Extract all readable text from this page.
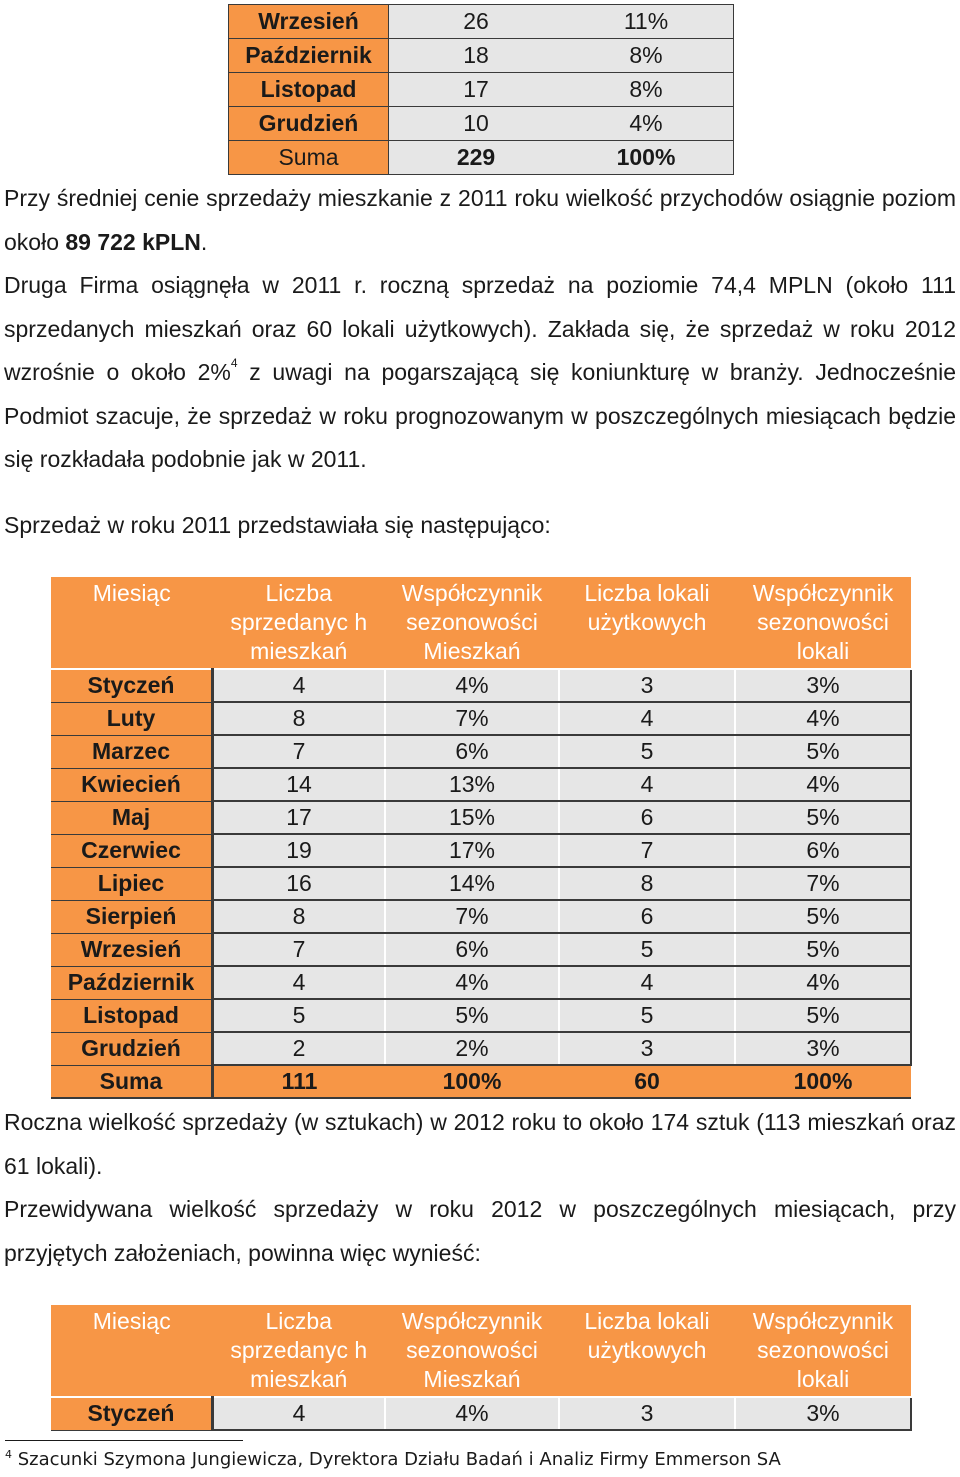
Wrzesień	26 11%
Październik	18 8%
Listopad	17 8%
Grudzień	10 4%
Suma	229 100%

Przy średniej cenie sprzedaży mieszkanie z 2011 roku wielkość przychodów osiągnie poziom około 89 722 kPLN.

Druga Firma osiągnęła w 2011 r. roczną sprzedaż na poziomie 74,4 MPLN (około 111 sprzedanych mieszkań oraz 60 lokali użytkowych). Zakłada się, że sprzedaż w roku 2012 wzrośnie o około 2%$^4$ z uwagi na pogarszającą się koniunkturę w branży. Jednocześnie Podmiot szacuje, że sprzedaż w roku prognozowanym w poszczególnych miesiącach będzie się rozkładała podobnie jak w 2011.

Sprzedaż w roku 2011 przedstawiała się następująco:

Miesiąc	Liczba sprzedanyc h mieszkań	Współczynnik sezonowości Mieszkań	Liczba lokali użytkowych	Współczynnik sezonowości lokali
Styczeń	4	4%	3	3%
Luty	8	7%	4	4%
Marzec	7	6%	5	5%
Kwiecień	14	13%	4	4%
Maj	17	15%	6	5%
Czerwiec	19	17%	7	6%
Lipiec	16	14%	8	7%
Sierpień	8	7%	6	5%
Wrzesień	7	6%	5	5%
Październik	4	4%	4	4%
Listopad	5	5%	5	5%
Grudzień	2	2%	3	3%
Suma	111	100%	60	100%

Roczna wielkość sprzedaży (w sztukach) w 2012 roku to około 174 sztuk (113 mieszkań oraz 61 lokali).

Przewidywana wielkość sprzedaży w roku 2012 w poszczególnych miesiącach, przy przyjętych założeniach, powinna więc wynieść:

Miesiąc	Liczba sprzedanyc h mieszkań	Współczynnik sezonowości Mieszkań	Liczba lokali użytkowych	Współczynnik sezonowości lokali
Styczeń	4	4%	3	3%
$^4$ Szacunki Szymona Jungiewicza, Dyrektora Działu Badań i Analiz Firmy Emmerson SA
